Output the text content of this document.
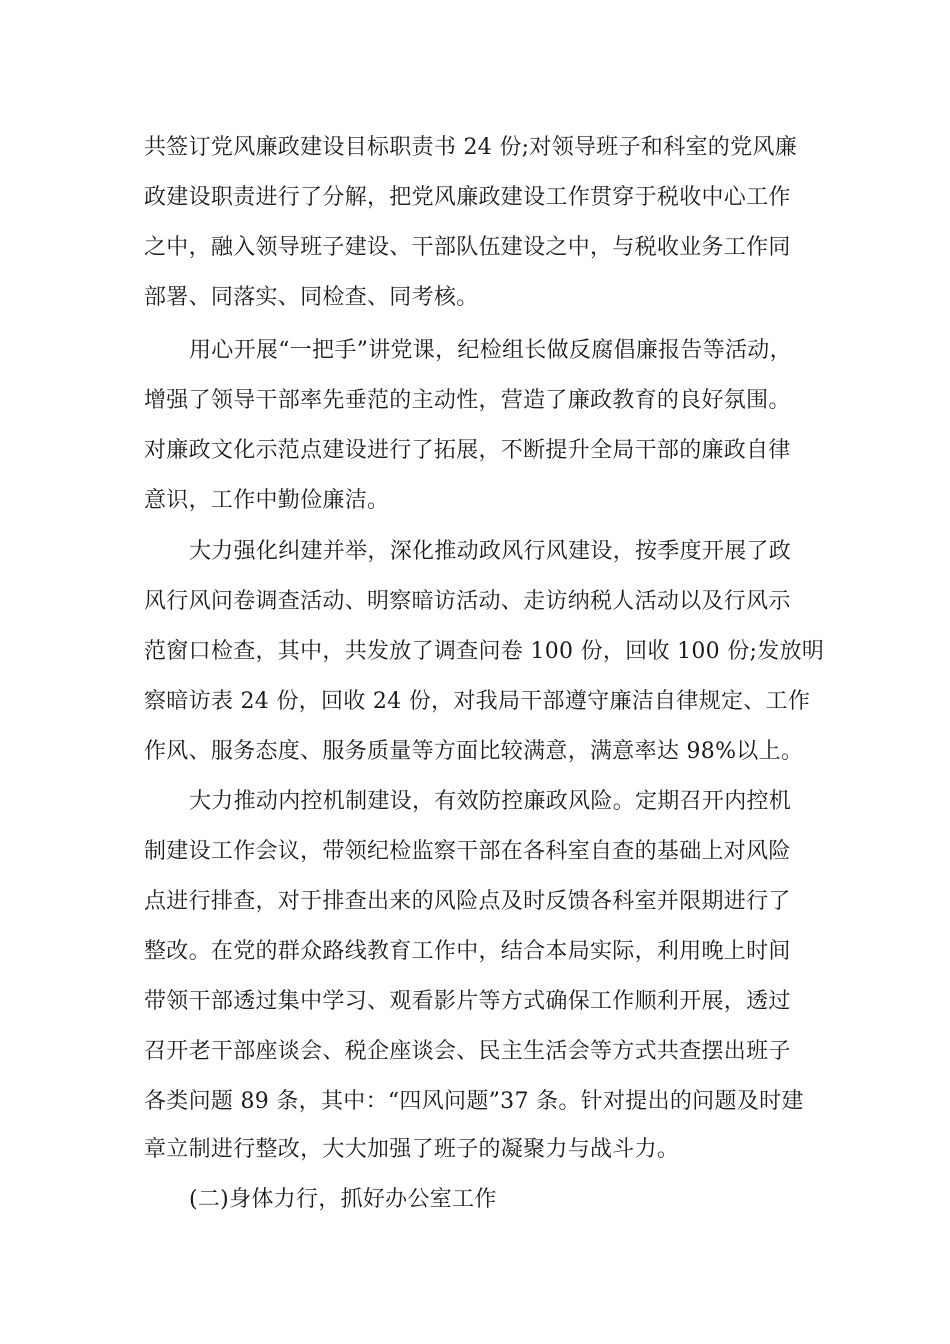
共签订党风廉政建设目标职责书 24 份;对领导班子和科室的党风廉
政建设职责进行了分解，把党风廉政建设工作贯穿于税收中心工作
之中，融入领导班子建设、干部队伍建设之中，与税收业务工作同
部署、同落实、同检查、同考核。
用心开展“一把手”讲党课，纪检组长做反腐倡廉报告等活动，
增强了领导干部率先垂范的主动性，营造了廉政教育的良好氛围。
对廉政文化示范点建设进行了拓展，不断提升全局干部的廉政自律
意识，工作中勤俭廉洁。
大力强化纠建并举，深化推动政风行风建设，按季度开展了政
风行风问卷调查活动、明察暗访活动、走访纳税人活动以及行风示
范窗口检查，其中，共发放了调查问卷 100 份，回收 100 份;发放明
察暗访表 24 份，回收 24 份，对我局干部遵守廉洁自律规定、工作
作风、服务态度、服务质量等方面比较满意，满意率达 98%以上。
大力推动内控机制建设，有效防控廉政风险。定期召开内控机
制建设工作会议，带领纪检监察干部在各科室自查的基础上对风险
点进行排查，对于排查出来的风险点及时反馈各科室并限期进行了
整改。在党的群众路线教育工作中，结合本局实际，利用晚上时间
带领干部透过集中学习、观看影片等方式确保工作顺利开展，透过
召开老干部座谈会、税企座谈会、民主生活会等方式共查摆出班子
各类问题 89 条，其中：“四风问题”37 条。针对提出的问题及时建
章立制进行整改，大大加强了班子的凝聚力与战斗力。
(二)身体力行，抓好办公室工作
